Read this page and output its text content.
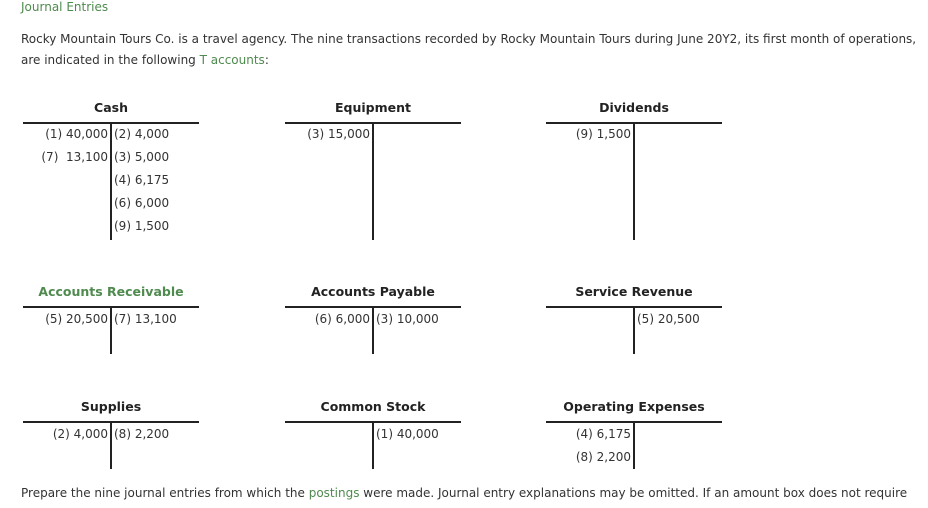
Journal Entries
Rocky Mountain Tours Co. is a travel agency. The nine transactions recorded by Rocky Mountain Tours during June 20Y2, its first month of operations, are indicated in the following T accounts:
Cash
(1) 40,000
(7)  13,100
(2) 4,000
(3) 5,000
(4) 6,175
(6) 6,000
(9) 1,500
Equipment
(3) 15,000
Dividends
(9) 1,500
Accounts Receivable
(5) 20,500 (7) 13,100
Accounts Payable
(6) 6,000 (3) 10,000
Service Revenue
(5) 20,500
Supplies
(2) 4,000 (8) 2,200
Common Stock
(1) 40,000
Operating Expenses
(4) 6,175
(8) 2,200
Prepare the nine journal entries from which the postings were made. Journal entry explanations may be omitted. If an amount box does not require
